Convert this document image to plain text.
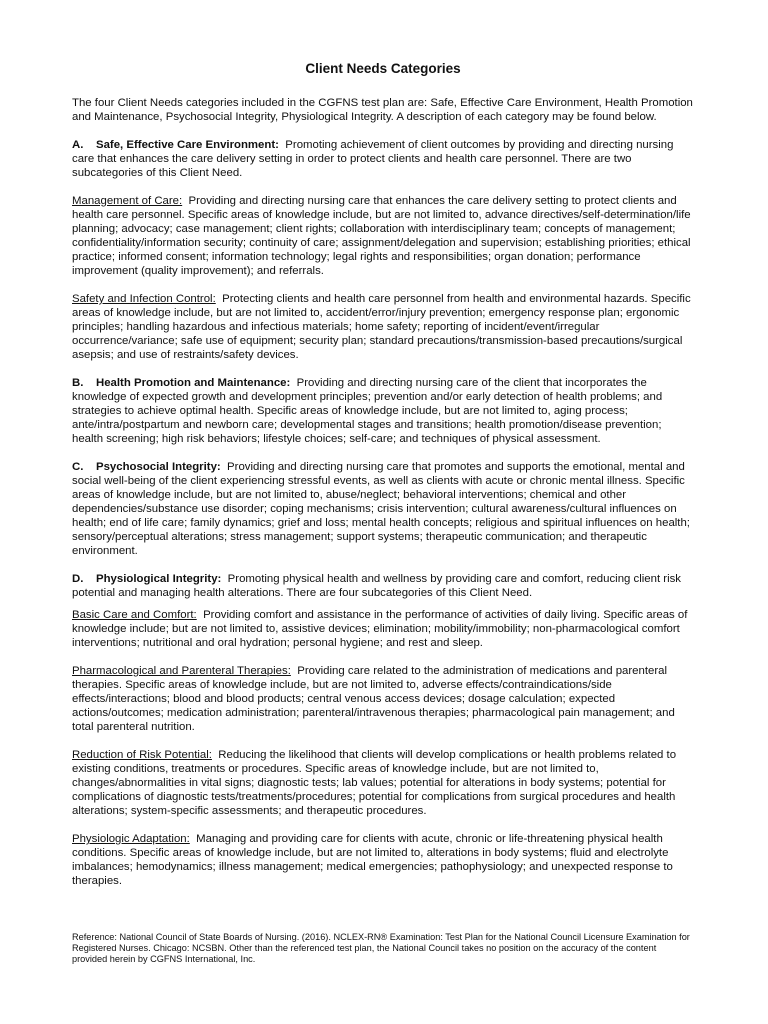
Client Needs Categories

The four Client Needs categories included in the CGFNS test plan are: Safe, Effective Care Environment, Health Promotion and Maintenance, Psychosocial Integrity, Physiological Integrity. A description of each category may be found below.

A. Safe, Effective Care Environment: Promoting achievement of client outcomes by providing and directing nursing care that enhances the care delivery setting in order to protect clients and health care personnel. There are two subcategories of this Client Need.

Management of Care: Providing and directing nursing care that enhances the care delivery setting to protect clients and health care personnel. Specific areas of knowledge include, but are not limited to, advance directives/self-determination/life planning; advocacy; case management; client rights; collaboration with interdisciplinary team; concepts of management; confidentiality/information security; continuity of care; assignment/delegation and supervision; establishing priorities; ethical practice; informed consent; information technology; legal rights and responsibilities; organ donation; performance improvement (quality improvement); and referrals.

Safety and Infection Control: Protecting clients and health care personnel from health and environmental hazards. Specific areas of knowledge include, but are not limited to, accident/error/injury prevention; emergency response plan; ergonomic principles; handling hazardous and infectious materials; home safety; reporting of incident/event/irregular occurrence/variance; safe use of equipment; security plan; standard precautions/transmission-based precautions/surgical asepsis; and use of restraints/safety devices.

B. Health Promotion and Maintenance: Providing and directing nursing care of the client that incorporates the knowledge of expected growth and development principles; prevention and/or early detection of health problems; and strategies to achieve optimal health. Specific areas of knowledge include, but are not limited to, aging process; ante/intra/postpartum and newborn care; developmental stages and transitions; health promotion/disease prevention; health screening; high risk behaviors; lifestyle choices; self-care; and techniques of physical assessment.

C. Psychosocial Integrity: Providing and directing nursing care that promotes and supports the emotional, mental and social well-being of the client experiencing stressful events, as well as clients with acute or chronic mental illness. Specific areas of knowledge include, but are not limited to, abuse/neglect; behavioral interventions; chemical and other dependencies/substance use disorder; coping mechanisms; crisis intervention; cultural awareness/cultural influences on health; end of life care; family dynamics; grief and loss; mental health concepts; religious and spiritual influences on health; sensory/perceptual alterations; stress management; support systems; therapeutic communication; and therapeutic environment.

D. Physiological Integrity: Promoting physical health and wellness by providing care and comfort, reducing client risk potential and managing health alterations. There are four subcategories of this Client Need.

Basic Care and Comfort: Providing comfort and assistance in the performance of activities of daily living. Specific areas of knowledge include; but are not limited to, assistive devices; elimination; mobility/immobility; non-pharmacological comfort interventions; nutritional and oral hydration; personal hygiene; and rest and sleep.

Pharmacological and Parenteral Therapies: Providing care related to the administration of medications and parenteral therapies. Specific areas of knowledge include, but are not limited to, adverse effects/contraindications/side effects/interactions; blood and blood products; central venous access devices; dosage calculation; expected actions/outcomes; medication administration; parenteral/intravenous therapies; pharmacological pain management; and total parenteral nutrition.

Reduction of Risk Potential: Reducing the likelihood that clients will develop complications or health problems related to existing conditions, treatments or procedures. Specific areas of knowledge include, but are not limited to, changes/abnormalities in vital signs; diagnostic tests; lab values; potential for alterations in body systems; potential for complications of diagnostic tests/treatments/procedures; potential for complications from surgical procedures and health alterations; system-specific assessments; and therapeutic procedures.

Physiologic Adaptation: Managing and providing care for clients with acute, chronic or life-threatening physical health conditions. Specific areas of knowledge include, but are not limited to, alterations in body systems; fluid and electrolyte imbalances; hemodynamics; illness management; medical emergencies; pathophysiology; and unexpected response to therapies.

Reference: National Council of State Boards of Nursing. (2016). NCLEX-RN® Examination: Test Plan for the National Council Licensure Examination for Registered Nurses. Chicago: NCSBN. Other than the referenced test plan, the National Council takes no position on the accuracy of the content provided herein by CGFNS International, Inc.
